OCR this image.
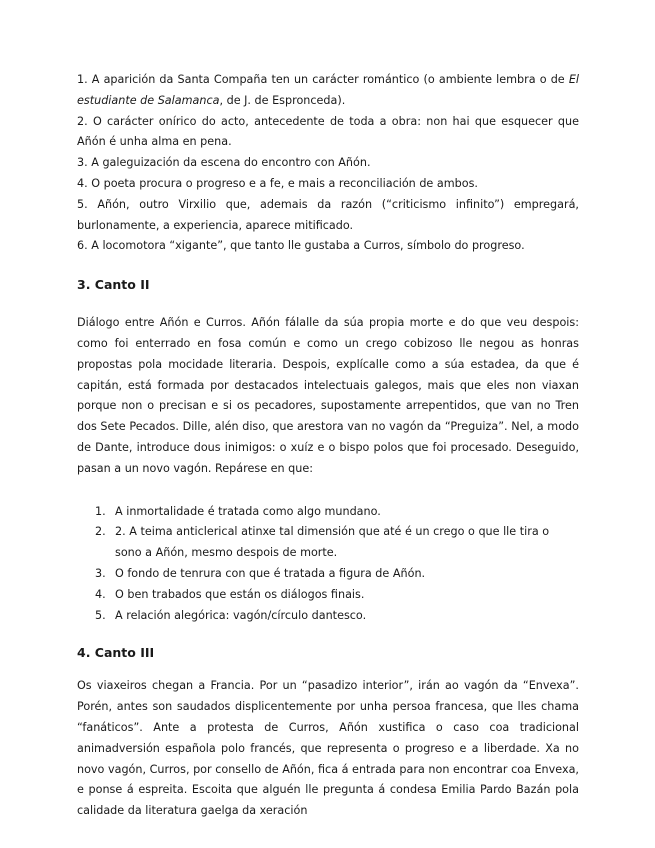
1. A aparición da Santa Compaña ten un carácter romántico (o ambiente lembra o de El estudiante de Salamanca, de J. de Espronceda).

2. O carácter onírico do acto, antecedente de toda a obra: non hai que esquecer que Añón é unha alma en pena.

3. A galeguización da escena do encontro con Añón.

4. O poeta procura o progreso e a fe, e mais a reconciliación de ambos.

5. Añón, outro Virxilio que, ademais da razón (“criticismo infinito”) empregará, burlonamente, a experiencia, aparece mitificado.

6. A locomotora “xigante”, que tanto lle gustaba a Curros, símbolo do progreso.

3. Canto II

Diálogo entre Añón e Curros. Añón fálalle da súa propia morte e do que veu despois: como foi enterrado en fosa común e como un crego cobizoso lle negou as honras propostas pola mocidade literaria. Despois, explícalle como a súa estadea, da que é capitán, está formada por destacados intelectuais galegos, mais que eles non viaxan porque non o precisan e si os pecadores, supostamente arrepentidos, que van no Tren dos Sete Pecados. Dille, alén diso, que arestora van no vagón da “Preguiza”. Nel, a modo de Dante, introduce dous inimigos: o xuíz e o bispo polos que foi procesado. Deseguido, pasan a un novo vagón. Repárese en que:

1. A inmortalidade é tratada como algo mundano.
2. 2. A teima anticlerical atinxe tal dimensión que até é un crego o que lle tira o sono a Añón, mesmo despois de morte.
3. O fondo de tenrura con que é tratada a figura de Añón.
4. O ben trabados que están os diálogos finais.
5. A relación alegórica: vagón/círculo dantesco.
4. Canto III

Os viaxeiros chegan a Francia. Por un “pasadizo interior”, irán ao vagón da “Envexa”. Porén, antes son saudados displicentemente por unha persoa francesa, que lles chama “fanáticos”. Ante a protesta de Curros, Añón xustifica o caso coa tradicional animadversión española polo francés, que representa o progreso e a liberdade. Xa no novo vagón, Curros, por consello de Añón, fica á entrada para non encontrar coa Envexa, e ponse á espreita. Escoita que alguén lle pregunta á condesa Emilia Pardo Bazán pola calidade da literatura gaelga da xeración
